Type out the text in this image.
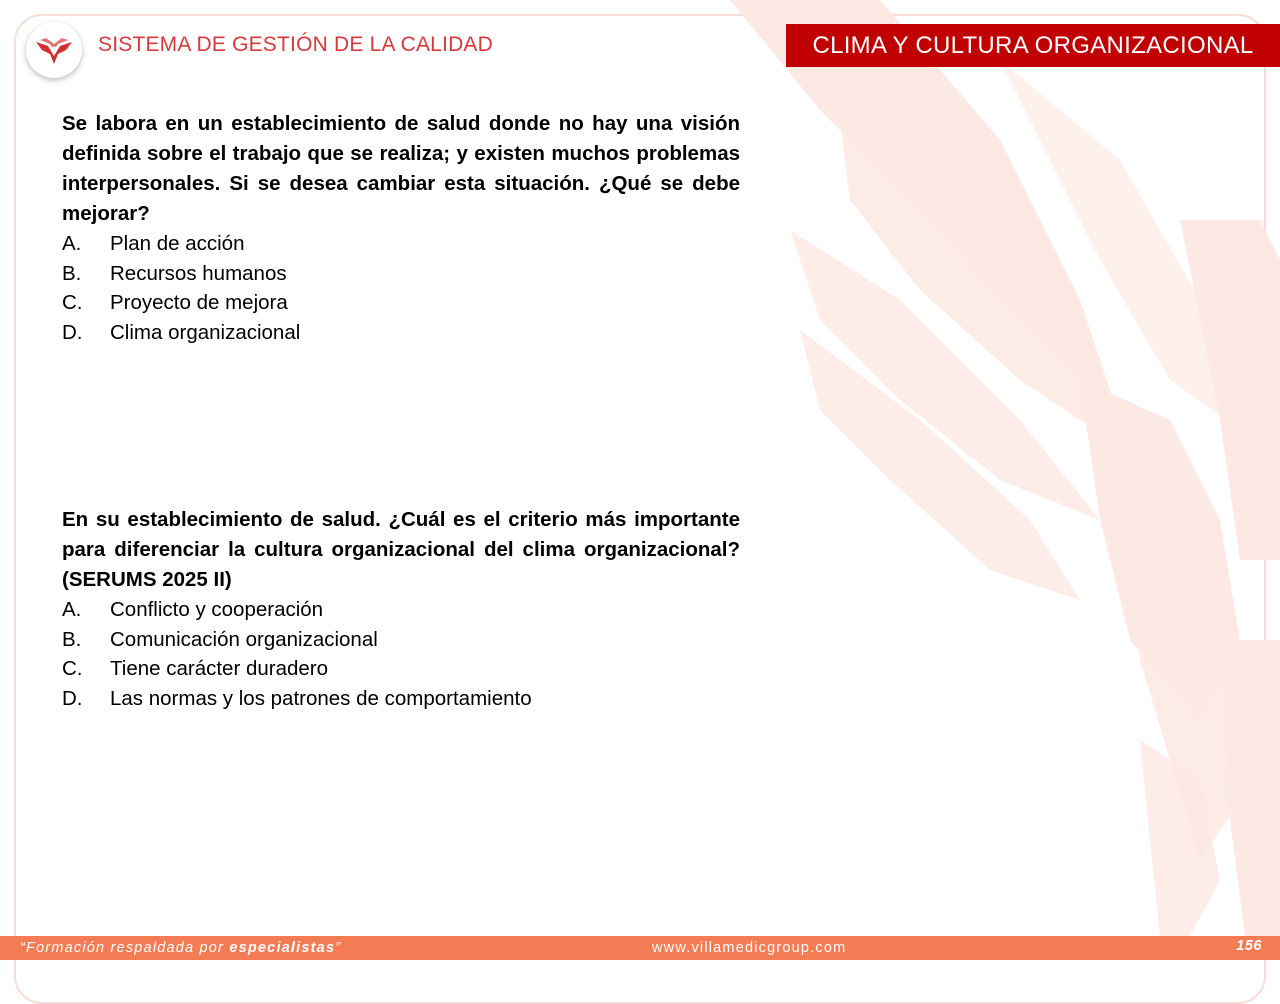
SISTEMA DE GESTIÓN DE LA CALIDAD	CLIMA Y CULTURA ORGANIZACIONAL

Se labora en un establecimiento de salud donde no hay una visión definida sobre el trabajo que se realiza; y existen muchos problemas interpersonales. Si se desea cambiar esta situación. ¿Qué se debe mejorar?

A.	Plan de acción
B.	Recursos humanos
C.	Proyecto de mejora
D.	Clima organizacional

En su establecimiento de salud. ¿Cuál es el criterio más importante para diferenciar la cultura organizacional del clima organizacional? (SERUMS 2025 II)

A.	Conflicto y cooperación
B.	Comunicación organizacional
C.	Tiene carácter duradero
D.	Las normas y los patrones de comportamiento
“Formación respaldada por especialistas”	www.villamedicgroup.com	156
